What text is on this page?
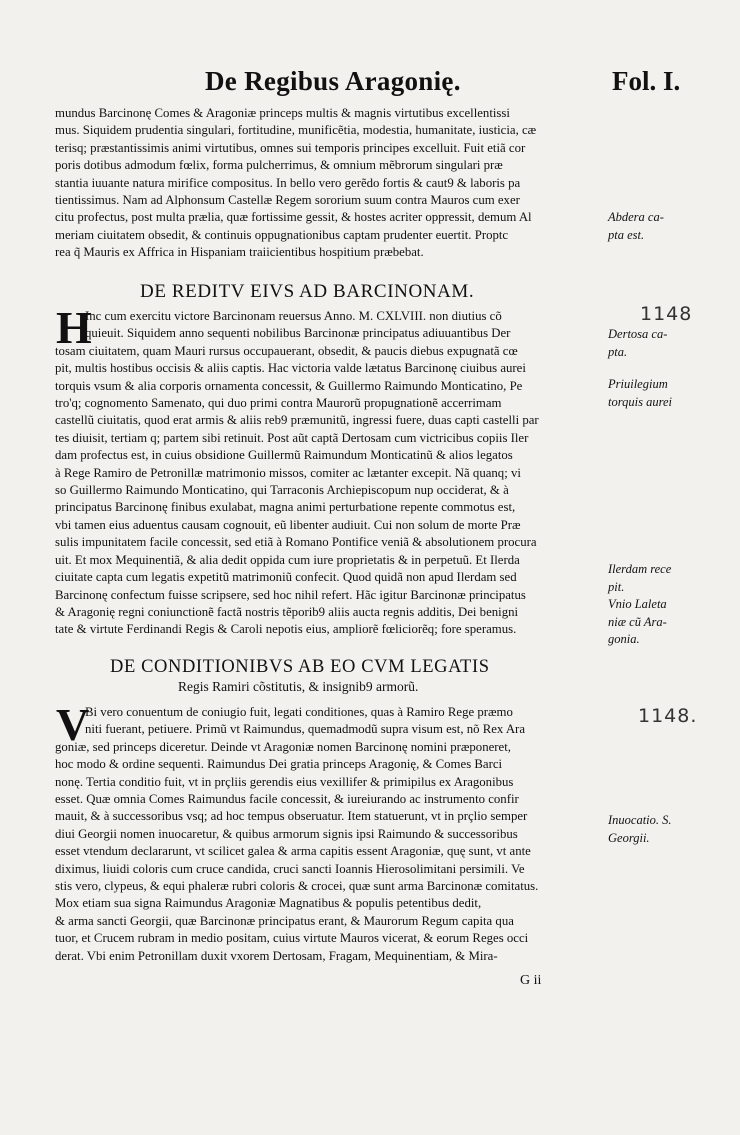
De Regibus Aragonię.	Fol. I.
mundus Barcinonę Comes & Aragoniæ princeps multis & magnis virtutibus excellentissi
mus. Siquidem prudentia singulari, fortitudine, munificẽtia, modestia, humanitate, iusticia, cæ
terisq; præstantissimis animi virtutibus, omnes sui temporis principes excelluit. Fuit etiã cor
poris dotibus admodum fœlix, forma pulcherrimus, & omnium mẽbrorum singulari præ
stantia iuuante natura mirifice compositus. In bello vero gerẽdo fortis & caut9 & laboris pa
tientissimus. Nam ad Alphonsum Castellæ Regem sororium suum contra Mauros cum exer
citu profectus, post multa prælia, quæ fortissime gessit, & hostes acriter oppressit, demum Al
meriam ciuitatem obsedit, & continuis oppugnationibus captam prudenter euertit. Proptc
rea q̃ Mauris ex Affrica in Hispaniam traiicientibus hospitium præbebat.
DE REDITV EIVS AD BARCINONAM.
H
Inc cum exercitu victore Barcinonam reuersus Anno. M. CXLVIII. non diutius cõ
quieuit. Siquidem anno sequenti nobilibus Barcinonæ principatus adiuuantibus Der
tosam ciuitatem, quam Mauri rursus occupauerant, obsedit, & paucis diebus expugnatã cœ
pit, multis hostibus occisis & aliis captis. Hac victoria valde lætatus Barcinonę ciuibus aurei
torquis vsum & alia corporis ornamenta concessit, & Guillermo Raimundo Monticatino, Pe
tro'q; cognomento Samenato, qui duo primi contra Maurorũ propugnationẽ accerrimam
castellũ ciuitatis, quod erat armis & aliis reb9 præmunitũ, ingressi fuere, duas capti castelli par
tes diuisit, tertiam q; partem sibi retinuit. Post aũt captã Dertosam cum victricibus copiis Iler
dam profectus est, in cuius obsidione Guillermũ Raimundum Monticatinũ & alios legatos
à Rege Ramiro de Petronillæ matrimonio missos, comiter ac lætanter excepit. Nã quanq; vi
so Guillermo Raimundo Monticatino, qui Tarraconis Archiepiscopum nup occiderat, & à
principatus Barcinonę finibus exulabat, magna animi perturbatione repente commotus est,
vbi tamen eius aduentus causam cognouit, eũ libenter audiuit. Cui non solum de morte Præ
sulis impunitatem facile concessit, sed etiã à Romano Pontifice veniã & absolutionem procura
uit. Et mox Mequinentiã, & alia dedit oppida cum iure proprietatis & in perpetuũ. Et Ilerda
ciuitate capta cum legatis expetitũ matrimoniũ confecit. Quod quidã non apud Ilerdam sed
Barcinonę confectum fuisse scripsere, sed hoc nihil refert. Hãc igitur Barcinonæ principatus
& Aragonię regni coniunctionẽ factã nostris tẽporib9 aliis aucta regnis additis, Dei benigni
tate & virtute Ferdinandi Regis & Caroli nepotis eius, ampliorẽ fœliciorẽq; fore speramus.
DE CONDITIONIBVS AB EO CVM LEGATIS
Regis Ramiri cõstitutis, & insignib9 armorũ.
V
Bi vero conuentum de coniugio fuit, legati conditiones, quas à Ramiro Rege præmo
niti fuerant, petiuere. Primũ vt Raimundus, quemadmodũ supra visum est, nõ Rex Ara
goniæ, sed princeps diceretur. Deinde vt Aragoniæ nomen Barcinonę nomini præponeret,
hoc modo & ordine sequenti. Raimundus Dei gratia princeps Aragonię, & Comes Barci
nonę. Tertia conditio fuit, vt in prçliis gerendis eius vexillifer & primipilus ex Aragonibus
esset. Quæ omnia Comes Raimundus facile concessit, & iureiurando ac instrumento confir
mauit, & à successoribus vsq; ad hoc tempus obseruatur. Item statuerunt, vt in prçlio semper
diui Georgii nomen inuocaretur, & quibus armorum signis ipsi Raimundo & successoribus
esset vtendum declararunt, vt scilicet galea & arma capitis essent Aragoniæ, quę sunt, vt ante
diximus, liuidi coloris cum cruce candida, cruci sancti Ioannis Hierosolimitani persimili. Ve
stis vero, clypeus, & equi phaleræ rubri coloris & crocei, quæ sunt arma Barcinonæ comitatus.
Mox etiam sua signa Raimundus Aragoniæ Magnatibus & populis petentibus dedit,
& arma sancti Georgii, quæ Barcinonæ principatus erant, & Maurorum Regum capita qua
tuor, et Crucem rubram in medio positam, cuius virtute Mauros vicerat, & eorum Reges occi
derat. Vbi enim Petronillam duxit vxorem Dertosam, Fragam, Mequinentiam, & Mira-
G ii
Abdera ca-
pta est.
Dertosa ca-
pta.
Priuilegium
torquis aurei
Ilerdam rece
pit.
Vnio Laleta
niæ cũ Ara-
gonia.
Inuocatio. S.
Georgii.
1148
1148.
